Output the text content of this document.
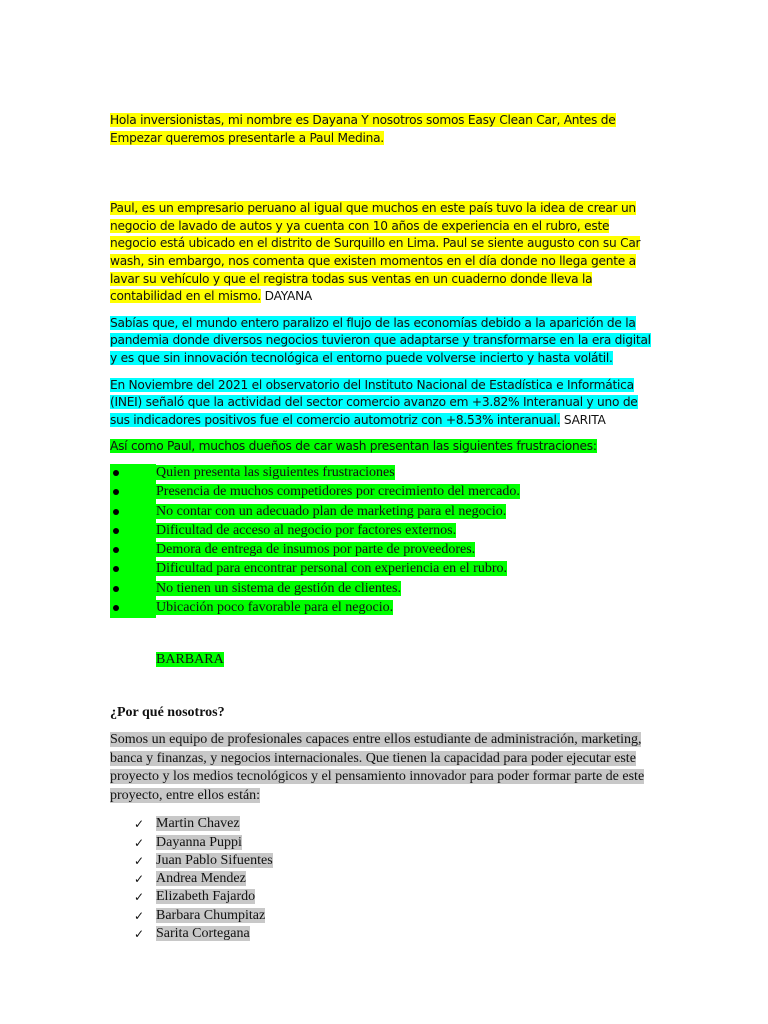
Hola inversionistas, mi nombre es Dayana Y nosotros somos Easy Clean Car, Antes de Empezar queremos presentarle a Paul Medina.

Paul, es un empresario peruano al igual que muchos en este país tuvo la idea de crear un negocio de lavado de autos y ya cuenta con 10 años de experiencia en el rubro, este negocio está ubicado en el distrito de Surquillo en Lima. Paul se siente augusto con su Car wash, sin embargo, nos comenta que existen momentos en el día donde no llega gente a lavar su vehículo y que el registra todas sus ventas en un cuaderno donde lleva la contabilidad en el mismo. DAYANA

Sabías que, el mundo entero paralizo el flujo de las economías debido a la aparición de la pandemia donde diversos negocios tuvieron que adaptarse y transformarse en la era digital y es que sin innovación tecnológica el entorno puede volverse incierto y hasta volátil.

En Noviembre del 2021 el observatorio del Instituto Nacional de Estadística e Informática (INEI) señaló que la actividad del sector comercio avanzo em +3.82% Interanual y uno de sus indicadores positivos fue el comercio automotriz con +8.53% interanual. SARITA

Así como Paul, muchos dueños de car wash presentan las siguientes frustraciones:

Quien presenta las siguientes frustraciones
Presencia de muchos competidores por crecimiento del mercado.
No contar con un adecuado plan de marketing para el negocio.
Dificultad de acceso al negocio por factores externos.
Demora de entrega de insumos por parte de proveedores.
Dificultad para encontrar personal con experiencia en el rubro.
No tienen un sistema de gestión de clientes.
Ubicación poco favorable para el negocio.

BARBARA

¿Por qué nosotros?

Somos un equipo de profesionales capaces entre ellos estudiante de administración, marketing, banca y finanzas, y negocios internacionales. Que tienen la capacidad para poder ejecutar este proyecto y los medios tecnológicos y el pensamiento innovador para poder formar parte de este proyecto, entre ellos están:

✓ Martin Chavez
✓ Dayanna Puppi
✓ Juan Pablo Sifuentes
✓ Andrea Mendez
✓ Elizabeth Fajardo
✓ Barbara Chumpitaz
✓ Sarita Cortegana
